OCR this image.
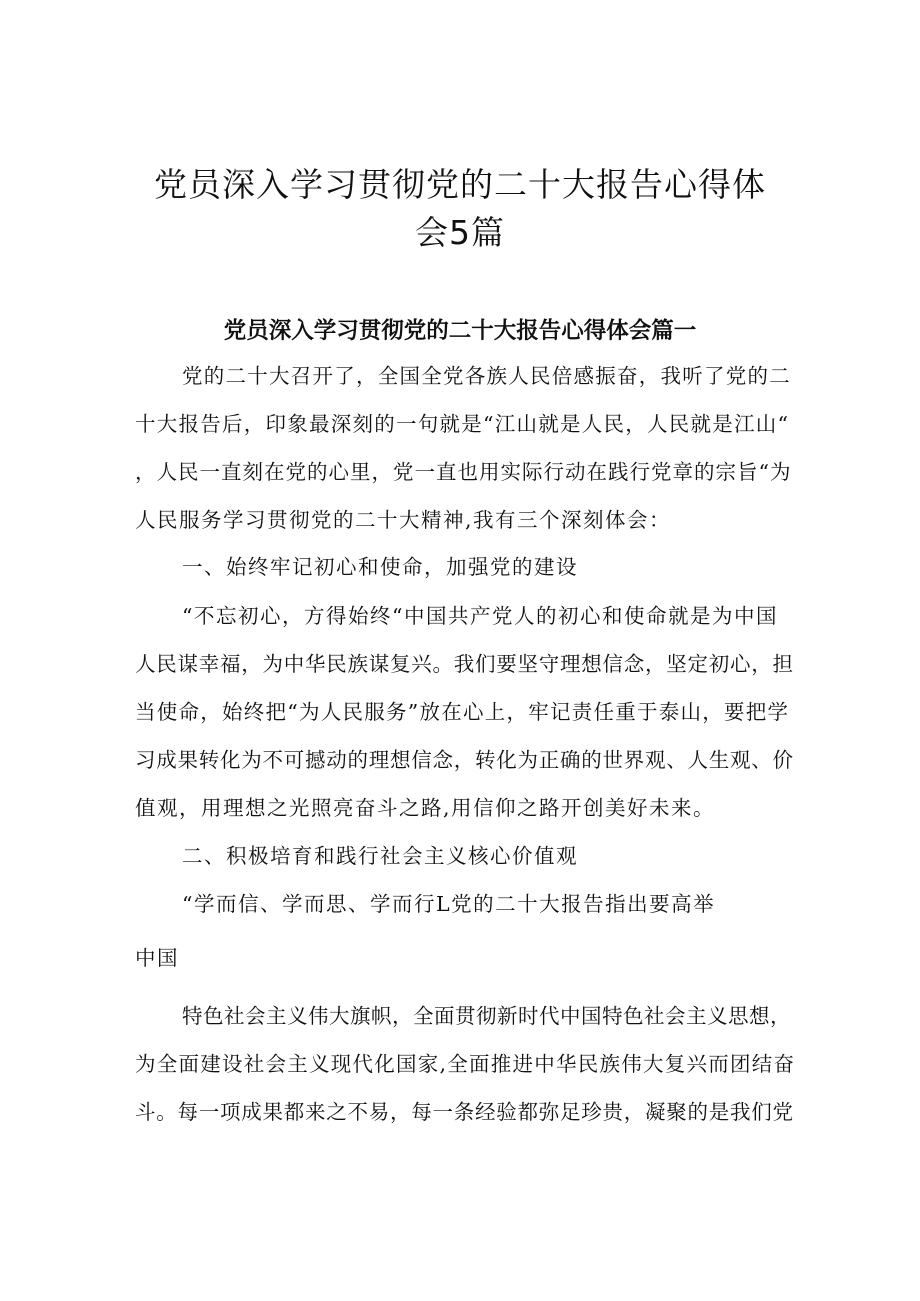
党员深入学习贯彻党的二十大报告心得体
会5篇
党员深入学习贯彻党的二十大报告心得体会篇一

党的二十大召开了，全国全党各族人民倍感振奋，我听了党的二

十大报告后，印象最深刻的一句就是“江山就是人民，人民就是江山“

，人民一直刻在党的心里，党一直也用实际行动在践行党章的宗旨“为

人民服务学习贯彻党的二十大精神,我有三个深刻体会：

一、始终牢记初心和使命，加强党的建设

“不忘初心，方得始终“中国共产党人的初心和使命就是为中国

人民谋幸福，为中华民族谋复兴。我们要坚守理想信念，坚定初心，担

当使命，始终把“为人民服务”放在心上，牢记责任重于泰山，要把学

习成果转化为不可撼动的理想信念，转化为正确的世界观、人生观、价

值观，用理想之光照亮奋斗之路,用信仰之路开创美好未来。

二、积极培育和践行社会主义核心价值观

“学而信、学而思、学而行L党的二十大报告指出要高举

中国

特色社会主义伟大旗帜，全面贯彻新时代中国特色社会主义思想，

为全面建设社会主义现代化国家,全面推进中华民族伟大复兴而团结奋

斗。每一项成果都来之不易，每一条经验都弥足珍贵，凝聚的是我们党
